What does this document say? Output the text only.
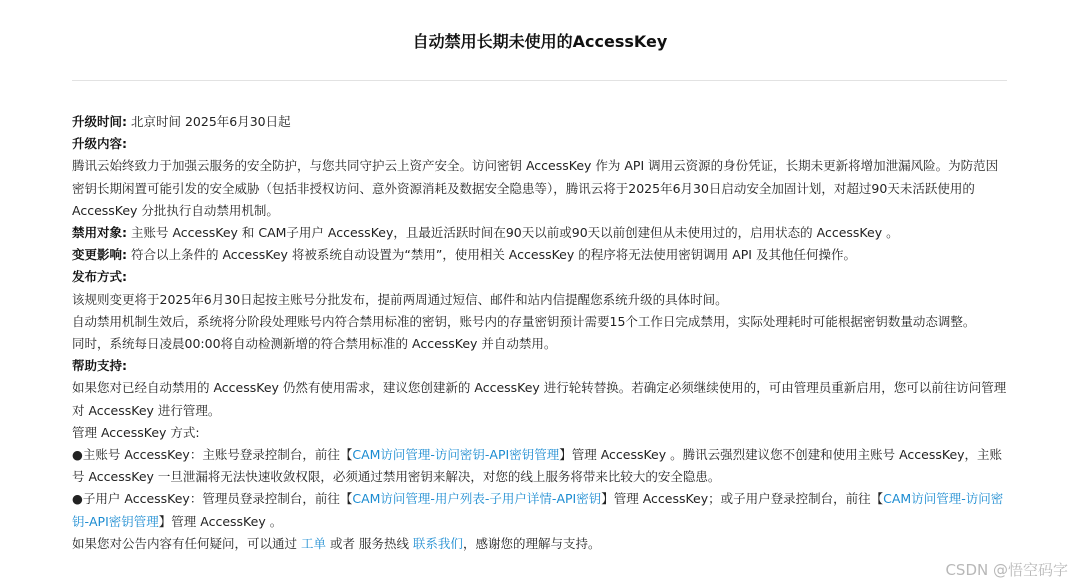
自动禁用长期未使用的AccessKey

升级时间: 北京时间 2025年6月30日起

升级内容:

腾讯云始终致力于加强云服务的安全防护，与您共同守护云上资产安全。访问密钥 AccessKey 作为 API 调用云资源的身份凭证，长期未更新将增加泄漏风险。为防范因密钥长期闲置可能引发的安全威胁（包括非授权访问、意外资源消耗及数据安全隐患等），腾讯云将于2025年6月30日启动安全加固计划，对超过90天未活跃使用的 AccessKey 分批执行自动禁用机制。

禁用对象: 主账号 AccessKey 和 CAM子用户 AccessKey，且最近活跃时间在90天以前或90天以前创建但从未使用过的，启用状态的 AccessKey 。

变更影响: 符合以上条件的 AccessKey 将被系统自动设置为“禁用”，使用相关 AccessKey 的程序将无法使用密钥调用 API 及其他任何操作。

发布方式:

该规则变更将于2025年6月30日起按主账号分批发布，提前两周通过短信、邮件和站内信提醒您系统升级的具体时间。

自动禁用机制生效后，系统将分阶段处理账号内符合禁用标准的密钥，账号内的存量密钥预计需要15个工作日完成禁用，实际处理耗时可能根据密钥数量动态调整。

同时，系统每日凌晨00:00将自动检测新增的符合禁用标准的 AccessKey 并自动禁用。

帮助支持:

如果您对已经自动禁用的 AccessKey 仍然有使用需求，建议您创建新的 AccessKey 进行轮转替换。若确定必须继续使用的，可由管理员重新启用，您可以前往访问管理对 AccessKey 进行管理。

管理 AccessKey 方式:

●主账号 AccessKey：主账号登录控制台，前往【CAM访问管理-访问密钥-API密钥管理】管理 AccessKey 。腾讯云强烈建议您不创建和使用主账号 AccessKey，主账号 AccessKey 一旦泄漏将无法快速收敛权限，必须通过禁用密钥来解决，对您的线上服务将带来比较大的安全隐患。

●子用户 AccessKey：管理员登录控制台，前往【CAM访问管理-用户列表-子用户详情-API密钥】管理 AccessKey；或子用户登录控制台，前往【CAM访问管理-访问密钥-API密钥管理】管理 AccessKey 。

如果您对公告内容有任何疑问，可以通过 工单 或者 服务热线 联系我们，感谢您的理解与支持。

CSDN @悟空码字
